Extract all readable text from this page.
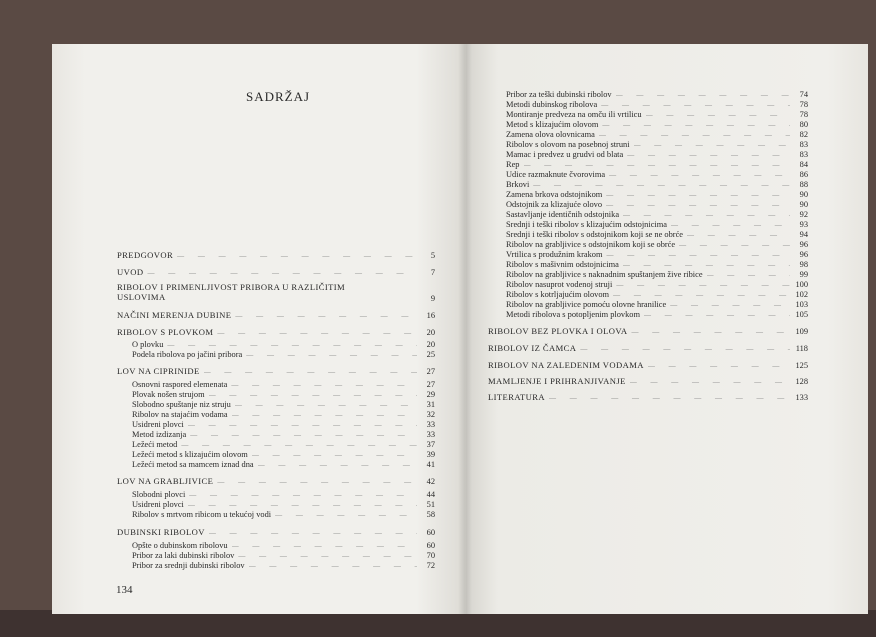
SADRŽAJ
RIBOLOV I PRIMENLJIVOST PRIBORA U RAZLIČITIM
USLOVIMA	9
134
PREDGOVOR — — —	5
UVOD — — —	7
NAČINI MERENJA DUBINE — — —	16
RIBOLOV S PLOVKOM — — —	20
O plovku — — —	20
Podela ribolova po jačini pribora — — —	25
LOV NA CIPRINIDE — — —	27
Osnovni raspored elemenata — — —	27
Plovak nošen strujom — — —	29
Slobodno spuštanje niz struju — — —	31
Ribolov na stajaćim vodama — — —	32
Usidreni plovci — — —	33
Metod izdizanja — — —	33
Ležeći metod — — —	37
Ležeći metod s klizajućim olovom — — —	39
Ležeći metod sa mamcem iznad dna — — —	41
LOV NA GRABLJIVICE — — —	42
Slobodni plovci — — —	44
Usidreni plovci — — —	51
Ribolov s mrtvom ribicom u tekućoj vodi — — —	58
DUBINSKI RIBOLOV — — —	60
Opšte o dubinskom ribolovu — — —	60
Pribor za laki dubinski ribolov — — —	70
Pribor za srednji dubinski ribolov — — —	72
Pribor za teški dubinski ribolov — — —	74
Metodi dubinskog ribolova — — —	78
Montiranje predveza na omču ili vrtilicu — — —	78
Metod s klizajućim olovom — — —	80
Zamena olova olovnicama — — —	82
Ribolov s olovom na posebnoj struni — — —	83
Mamac i predvez u grudvi od blata — — —	83
Rep — — —	84
Udice razmaknute čvorovima — — —	86
Brkovi — — —	88
Zamena brkova odstojnikom — — —	90
Odstojnik za klizajuće olovo — — —	90
Sastavljanje identičnih odstojnika — — —	92
Srednji i teški ribolov s klizajućim odstojnicima — — —	93
Srednji i teški ribolov s odstojnikom koji se ne obrće — — —	94
Ribolov na grabljivice s odstojnikom koji se obrće — — —	96
Vrtilica s produžnim krakom — — —	96
Ribolov s mašivnim odstojnicima — — —	98
Ribolov na grabljivice s naknadnim spuštanjem žive ribice — — —	99
Ribolov nasuprot vodenoj struji — — —	100
Ribolov s kotrljajućim olovom — — —	102
Ribolov na grabljivice pomoću olovne hranilice — — —	103
Metodi ribolova s potopljenim plovkom — — —	105
RIBOLOV BEZ PLOVKA I OLOVA — — —	109
RIBOLOV IZ ČAMCA — — —	118
RIBOLOV NA ZALEDENIM VODAMA — — —	125
MAMLJENJE I PRIHRANJIVANJE — — —	128
LITERATURA — — —	133
